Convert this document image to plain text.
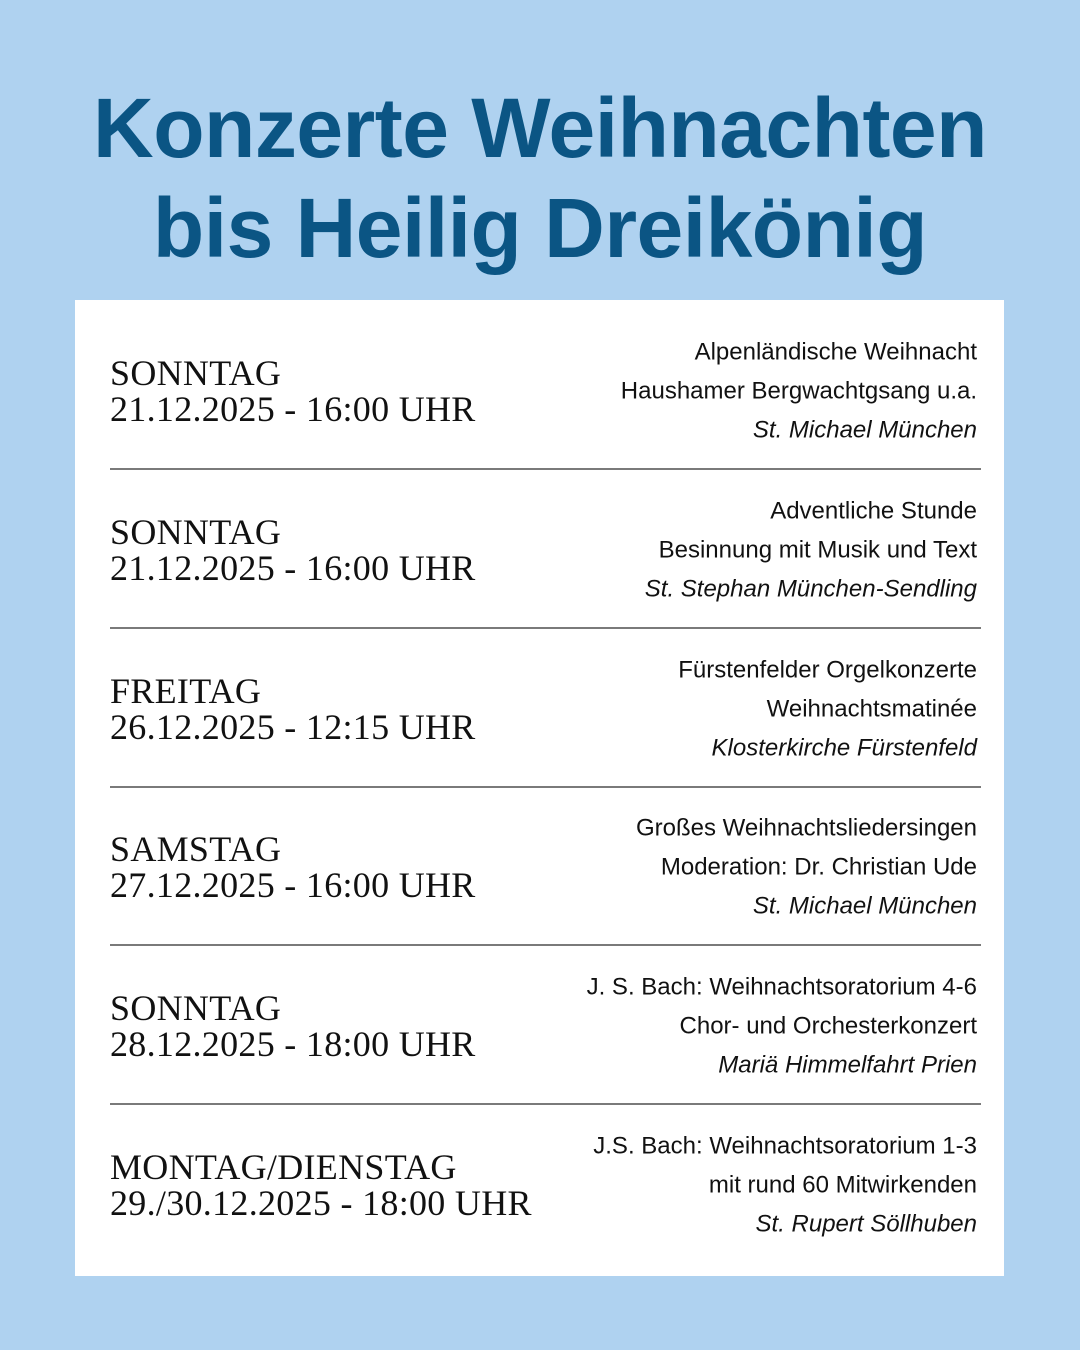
Konzerte Weihnachten
bis Heilig Dreikönig
SONNTAG
21.12.2025 - 16:00 UHR
Alpenländische Weihnacht
Haushamer Bergwachtgsang u.a.
St. Michael München
SONNTAG
21.12.2025 - 16:00 UHR
Adventliche Stunde
Besinnung mit Musik und Text
St. Stephan München-Sendling
FREITAG
26.12.2025 - 12:15 UHR
Fürstenfelder Orgelkonzerte
Weihnachtsmatinée
Klosterkirche Fürstenfeld
SAMSTAG
27.12.2025 - 16:00 UHR
Großes Weihnachtsliedersingen
Moderation: Dr. Christian Ude
St. Michael München
SONNTAG
28.12.2025 - 18:00 UHR
J. S. Bach: Weihnachtsoratorium 4-6
Chor- und Orchesterkonzert
Mariä Himmelfahrt Prien
MONTAG/DIENSTAG
29./30.12.2025 - 18:00 UHR
J.S. Bach: Weihnachtsoratorium 1-3
mit rund 60 Mitwirkenden
St. Rupert Söllhuben
